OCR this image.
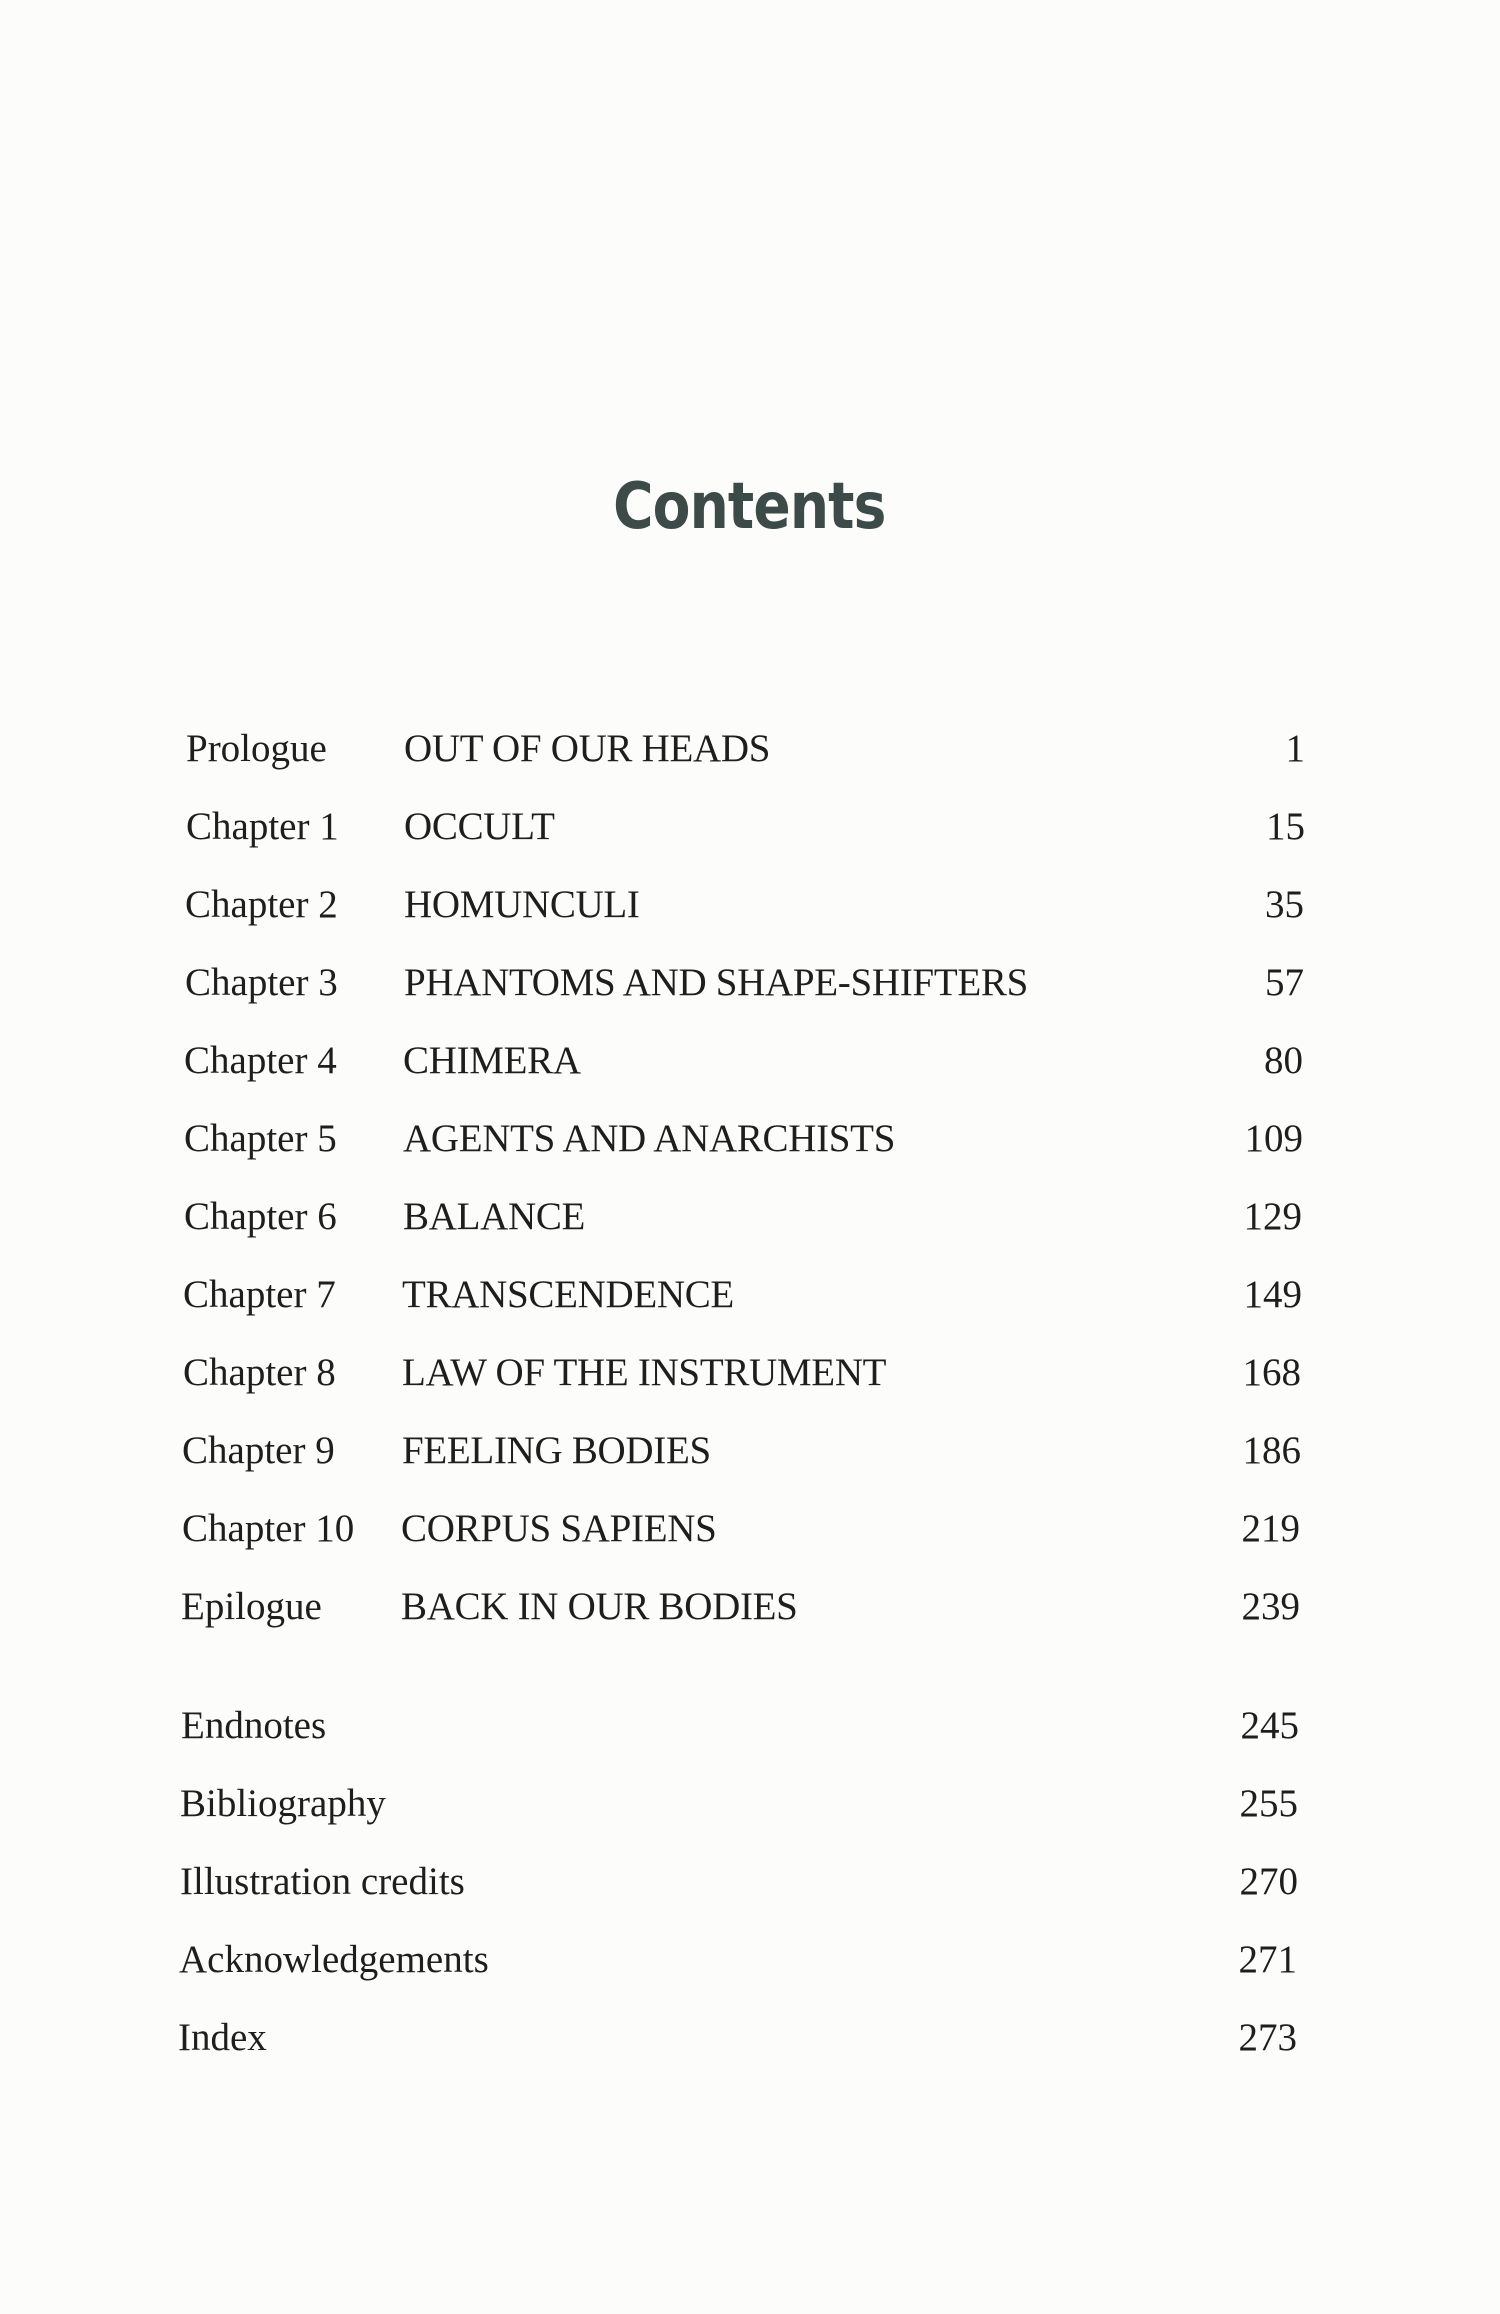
Contents
Prologue OUT OF OUR HEADS	1
Chapter 1 OCCULT	15
Chapter 2 HOMUNCULI	35
Chapter 3 PHANTOMS AND SHAPE-SHIFTERS	57
Chapter 4 CHIMERA	80
Chapter 5 AGENTS AND ANARCHISTS	109
Chapter 6 BALANCE	129
Chapter 7 TRANSCENDENCE	149
Chapter 8 LAW OF THE INSTRUMENT	168
Chapter 9 FEELING BODIES	186
Chapter 10 CORPUS SAPIENS	219
Epilogue BACK IN OUR BODIES	239
Endnotes	245
Bibliography	255
Illustration credits	270
Acknowledgements	271
Index	273
